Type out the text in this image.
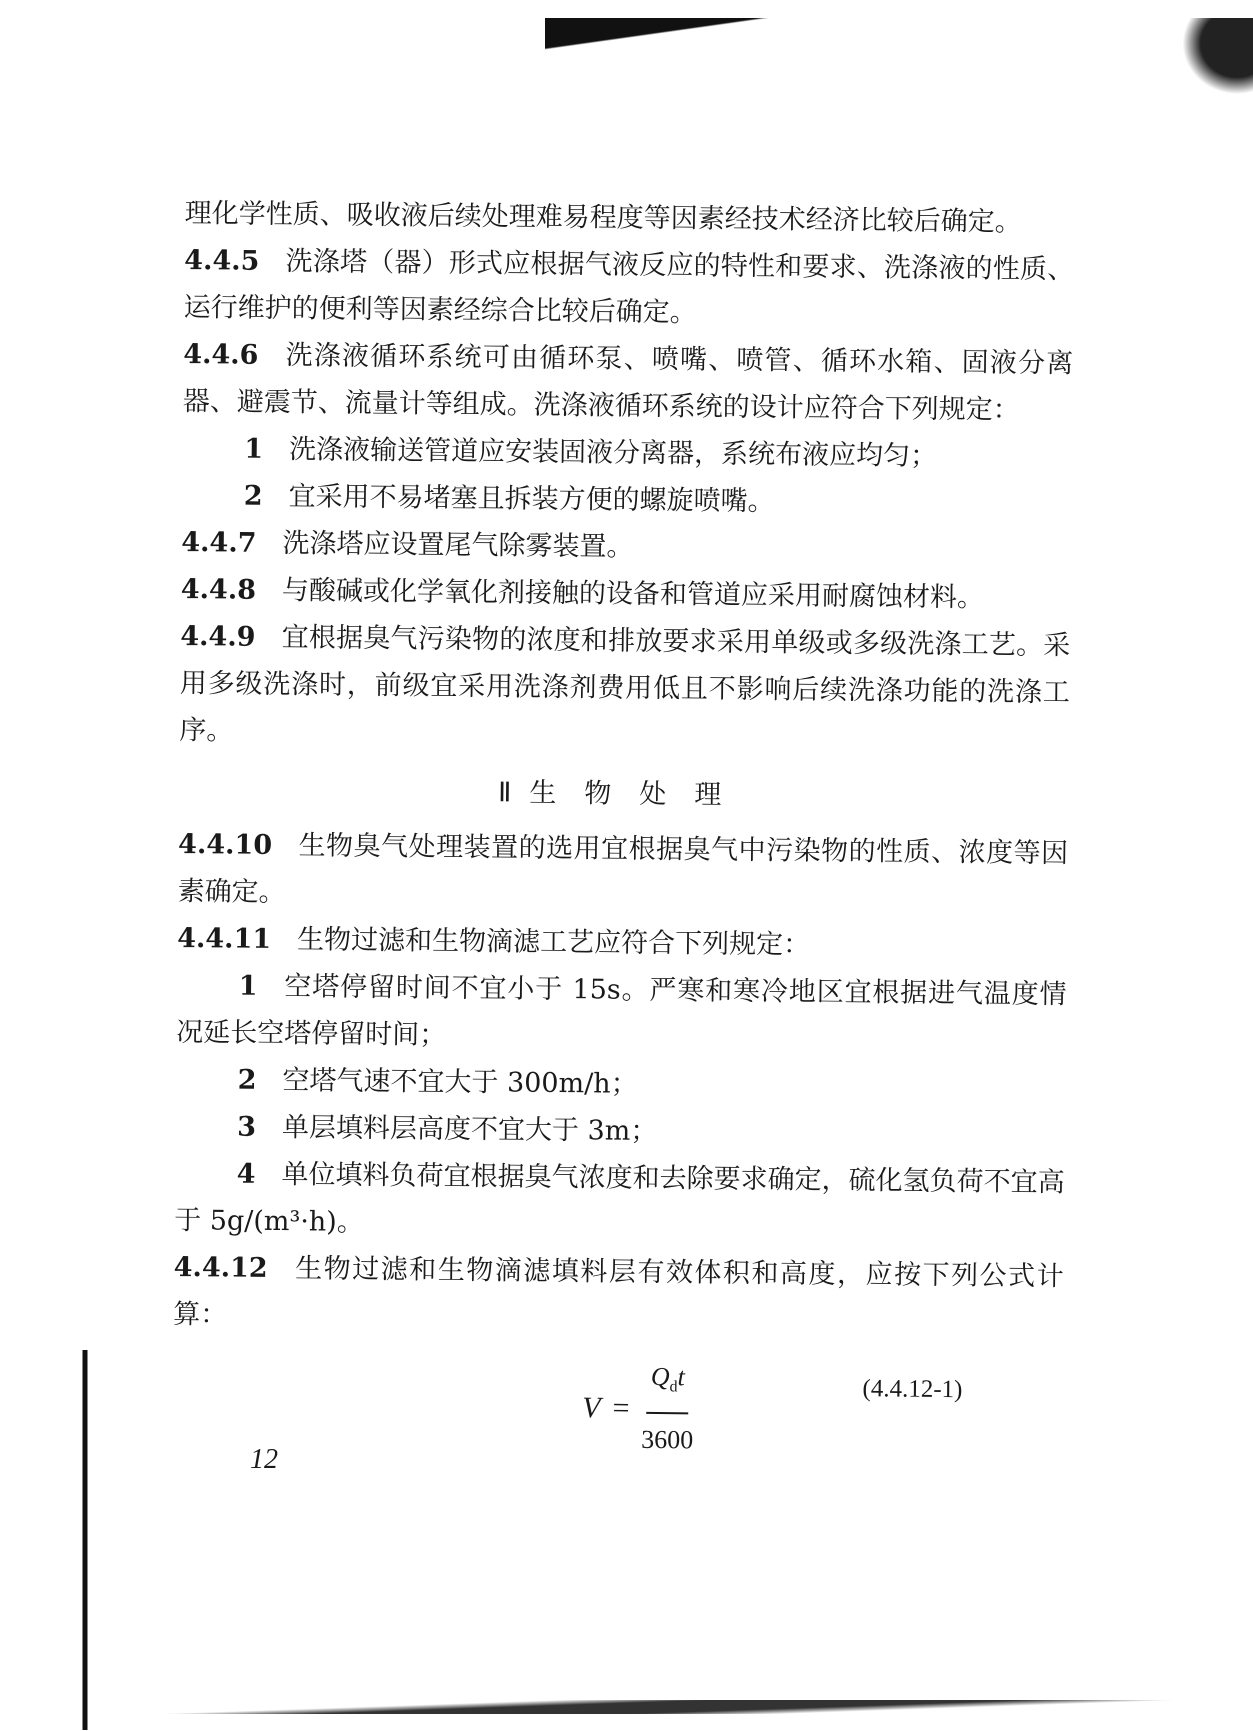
理化学性质、吸收液后续处理难易程度等因素经技术经济比较后确定。
4.4.5 洗涤塔（器）形式应根据气液反应的特性和要求、洗涤液的性质、运行维护的便利等因素经综合比较后确定。
4.4.6 洗涤液循环系统可由循环泵、喷嘴、喷管、循环水箱、固液分离器、避震节、流量计等组成。洗涤液循环系统的设计应符合下列规定：
1 洗涤液输送管道应安装固液分离器，系统布液应均匀；
2 宜采用不易堵塞且拆装方便的螺旋喷嘴。
4.4.7 洗涤塔应设置尾气除雾装置。
4.4.8 与酸碱或化学氧化剂接触的设备和管道应采用耐腐蚀材料。
4.4.9 宜根据臭气污染物的浓度和排放要求采用单级或多级洗涤工艺。采用多级洗涤时，前级宜采用洗涤剂费用低且不影响后续洗涤功能的洗涤工序。
Ⅱ 生物处理
4.4.10 生物臭气处理装置的选用宜根据臭气中污染物的性质、浓度等因素确定。
4.4.11 生物过滤和生物滴滤工艺应符合下列规定：
1 空塔停留时间不宜小于 15s。严寒和寒冷地区宜根据进气温度情况延长空塔停留时间；
2 空塔气速不宜大于 300m/h；
3 单层填料层高度不宜大于 3m；
4 单位填料负荷宜根据臭气浓度和去除要求确定，硫化氢负荷不宜高于 5g/(m³·h)。
4.4.12 生物过滤和生物滴滤填料层有效体积和高度，应按下列公式计算：
$V = \frac{Q_dt}{3600}$	(4.4.12-1)
12
